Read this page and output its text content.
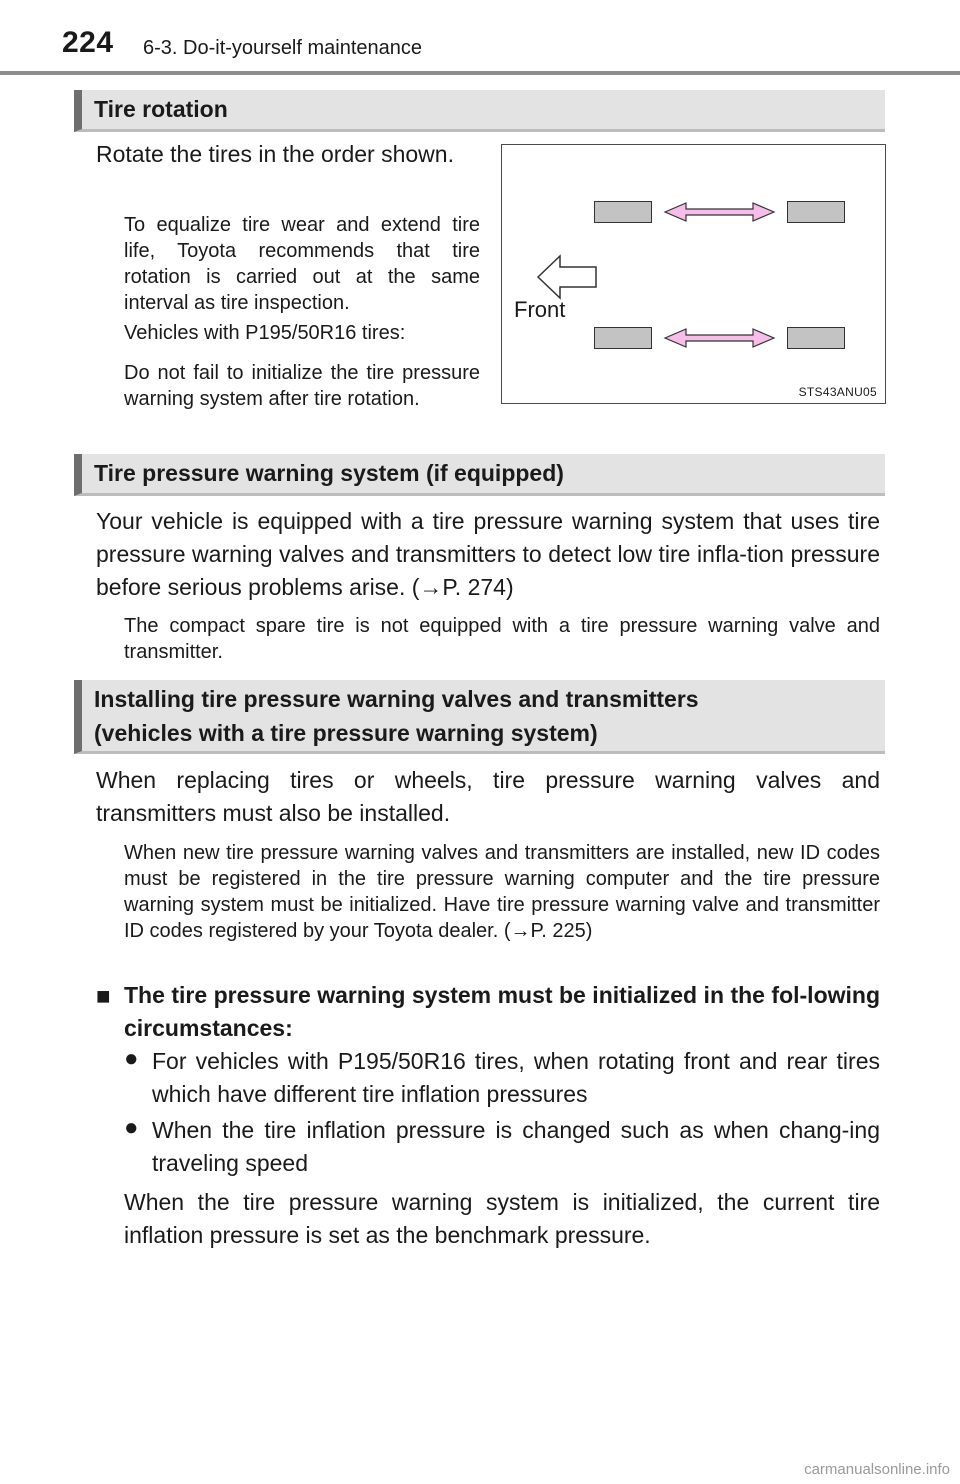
224 6-3. Do-it-yourself maintenance
Tire rotation
Rotate the tires in the order shown.
To equalize tire wear and extend tire life, Toyota recommends that tire rotation is carried out at the same interval as tire inspection.
Vehicles with P195/50R16 tires:
Do not fail to initialize the tire pressure warning system after tire rotation.
Front
STS43ANU05
Tire pressure warning system (if equipped)
Your vehicle is equipped with a tire pressure warning system that uses tire pressure warning valves and transmitters to detect low tire infla-tion pressure before serious problems arise. (→P. 274)
The compact spare tire is not equipped with a tire pressure warning valve and transmitter.
Installing tire pressure warning valves and transmitters
(vehicles with a tire pressure warning system)
When replacing tires or wheels, tire pressure warning valves and transmitters must also be installed.
When new tire pressure warning valves and transmitters are installed, new ID codes must be registered in the tire pressure warning computer and the tire pressure warning system must be initialized. Have tire pressure warning valve and transmitter ID codes registered by your Toyota dealer. (→P. 225)
■ The tire pressure warning system must be initialized in the fol-lowing circumstances:
● For vehicles with P195/50R16 tires, when rotating front and rear tires which have different tire inflation pressures
● When the tire inflation pressure is changed such as when chang-ing traveling speed
When the tire pressure warning system is initialized, the current tire inflation pressure is set as the benchmark pressure.
carmanualsonline.info
